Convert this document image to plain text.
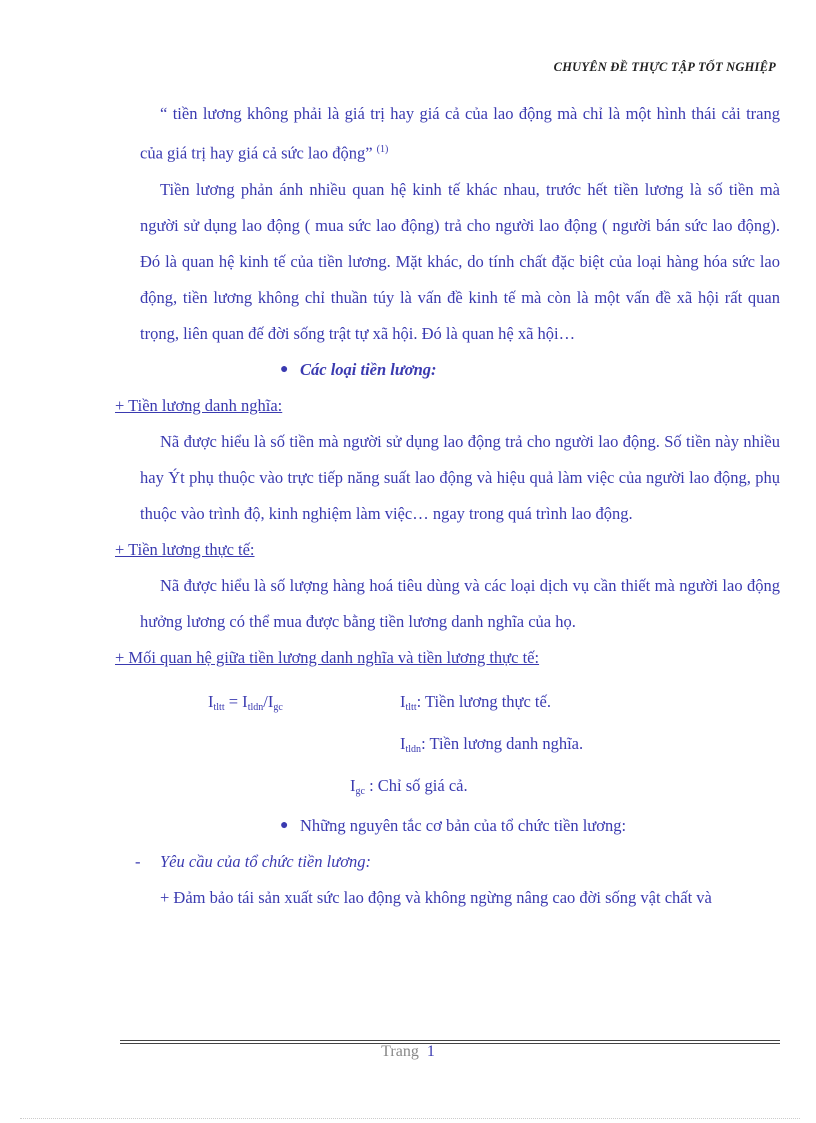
CHUYÊN ĐỀ THỰC TẬP TỐT NGHIỆP

“ tiền lương không phải là giá trị hay giá cả của lao động mà chỉ là một hình thái cải trang của giá trị hay giá cả sức lao động” $^{(1)}$

Tiền lương phản ánh nhiều quan hệ kinh tế khác nhau, trước hết tiền lương là số tiền mà người sử dụng lao động ( mua sức lao động) trả cho người lao động ( người bán sức lao động). Đó là quan hệ kinh tế của tiền lương. Mặt khác, do tính chất đặc biệt của loại hàng hóa sức lao động, tiền lương không chỉ thuần túy là vấn đề kinh tế mà còn là một vấn đề xã hội rất quan trọng, liên quan đế đời sống trật tự xã hội. Đó là quan hệ xã hội…

● Các loại tiền lương:

+ Tiền lương danh nghĩa:

Nã được hiểu là số tiền mà người sử dụng lao động trả cho người lao động. Số tiền này nhiều hay Ýt phụ thuộc vào trực tiếp năng suất lao động và hiệu quả làm việc của người lao động, phụ thuộc vào trình độ, kinh nghiệm làm việc… ngay trong quá trình lao động.

+ Tiền lương thực tế:

Nã được hiểu là số lượng hàng hoá tiêu dùng và các loại dịch vụ cần thiết mà người lao động hưởng lương có thể mua được bằng tiền lương danh nghĩa của họ.

+ Mối quan hệ giữa tiền lương danh nghĩa và tiền lương thực tế:

$I_{tltt} = I_{tldn}/I_{gc}$	$I_{tltt}$: Tiền lương thực tế.
$I_{tldn}$: Tiền lương danh nghĩa.
$I_{gc}$ : Chỉ số giá cả.

● Những nguyên tắc cơ bản của tổ chức tiền lương:

- Yêu cầu của tổ chức tiền lương:

+ Đảm bảo tái sản xuất sức lao động và không ngừng nâng cao đời sống vật chất và

Trang 1
